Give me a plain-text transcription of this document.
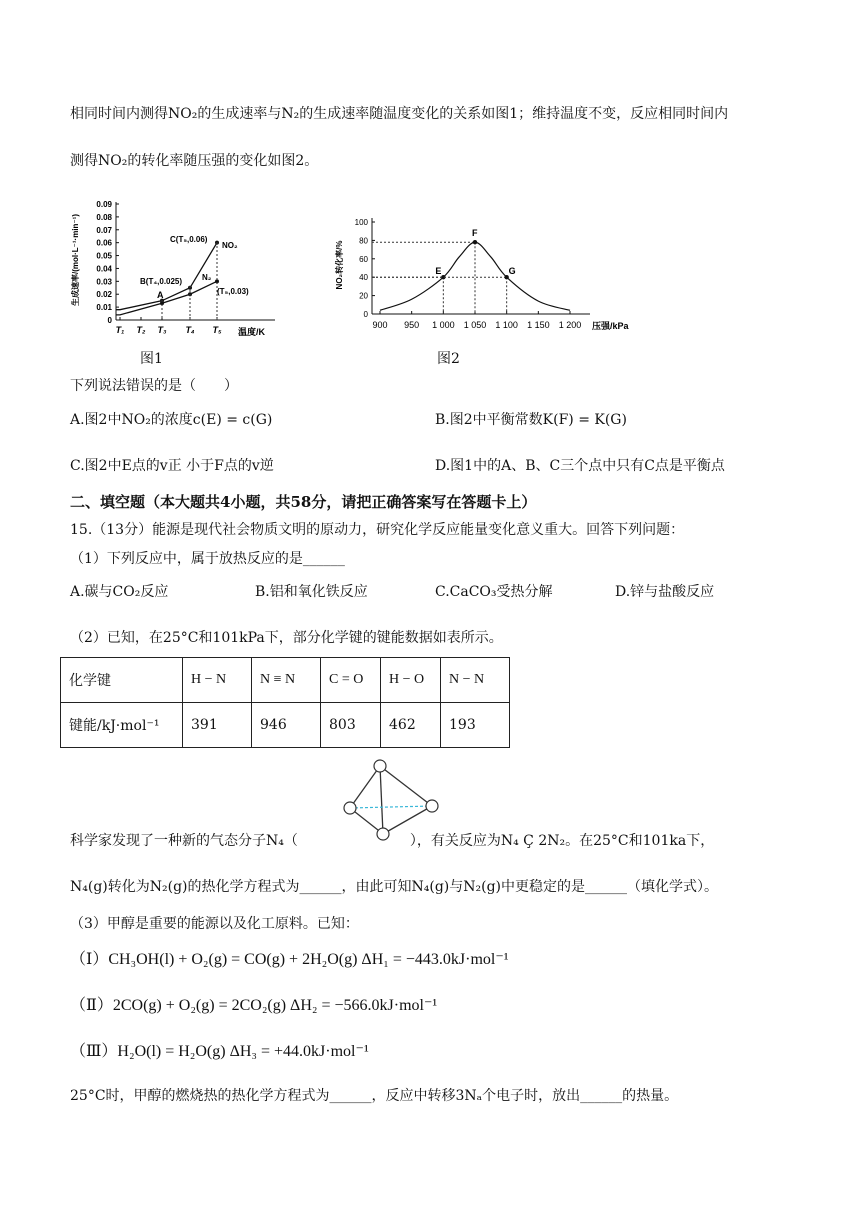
相同时间内测得NO₂的生成速率与N₂的生成速率随温度变化的关系如图1；维持温度不变，反应相同时间内
测得NO₂的转化率随压强的变化如图2。
0
0.01
0.02
0.03
0.04
0.05
0.06
0.07
0.08
0.09
T₁ T₂ T₃ T₄ T₅
生成速率/(mol·L⁻¹·min⁻¹)	A
B(T₄,0.025)
C(T₅,0.06)
NO₂
N₂
(T₅,0.03)
温度/K
图1
NO₂转化率/%
0
20
40
60
80
100
900 950 1 000 1 050 1 100 1 150 1 200
E
F
G
压强/kPa
图2
下列说法错误的是（　　）
A.图2中NO₂的浓度c(E) = c(G)	B.图2中平衡常数K(F) = K(G)
C.图2中E点的v正 小于F点的v逆	D.图1中的A、B、C三个点中只有C点是平衡点
二、填空题（本大题共4小题，共58分，请把正确答案写在答题卡上）
15.（13分）能源是现代社会物质文明的原动力，研究化学反应能量变化意义重大。回答下列问题：
（1）下列反应中，属于放热反应的是______
A.碳与CO₂反应	B.铝和氧化铁反应	C.CaCO₃受热分解	D.锌与盐酸反应
（2）已知，在25°C和101kPa下，部分化学键的键能数据如表所示。
化学键	H − N	N ≡ N	C = O	H − O	N − N
键能/kJ·mol⁻¹	391	946	803	462	193
科学家发现了一种新的气态分子N₄（	），有关反应为N₄ Ç 2N₂。在25°C和101ka下，
N₄(g)转化为N₂(g)的热化学方程式为______，由此可知N₄(g)与N₂(g)中更稳定的是______（填化学式）。
（3）甲醇是重要的能源以及化工原料。已知：
（Ⅰ）CH₃OH(l) + O₂(g) = CO(g) + 2H₂O(g) ΔH₁ = −443.0kJ·mol⁻¹
（Ⅱ）2CO(g) + O₂(g) = 2CO₂(g) ΔH₂ = −566.0kJ·mol⁻¹
（Ⅲ）H₂O(l) = H₂O(g) ΔH₃ = +44.0kJ·mol⁻¹
25°C时，甲醇的燃烧热的热化学方程式为______，反应中转移3Nₐ个电子时，放出______的热量。
